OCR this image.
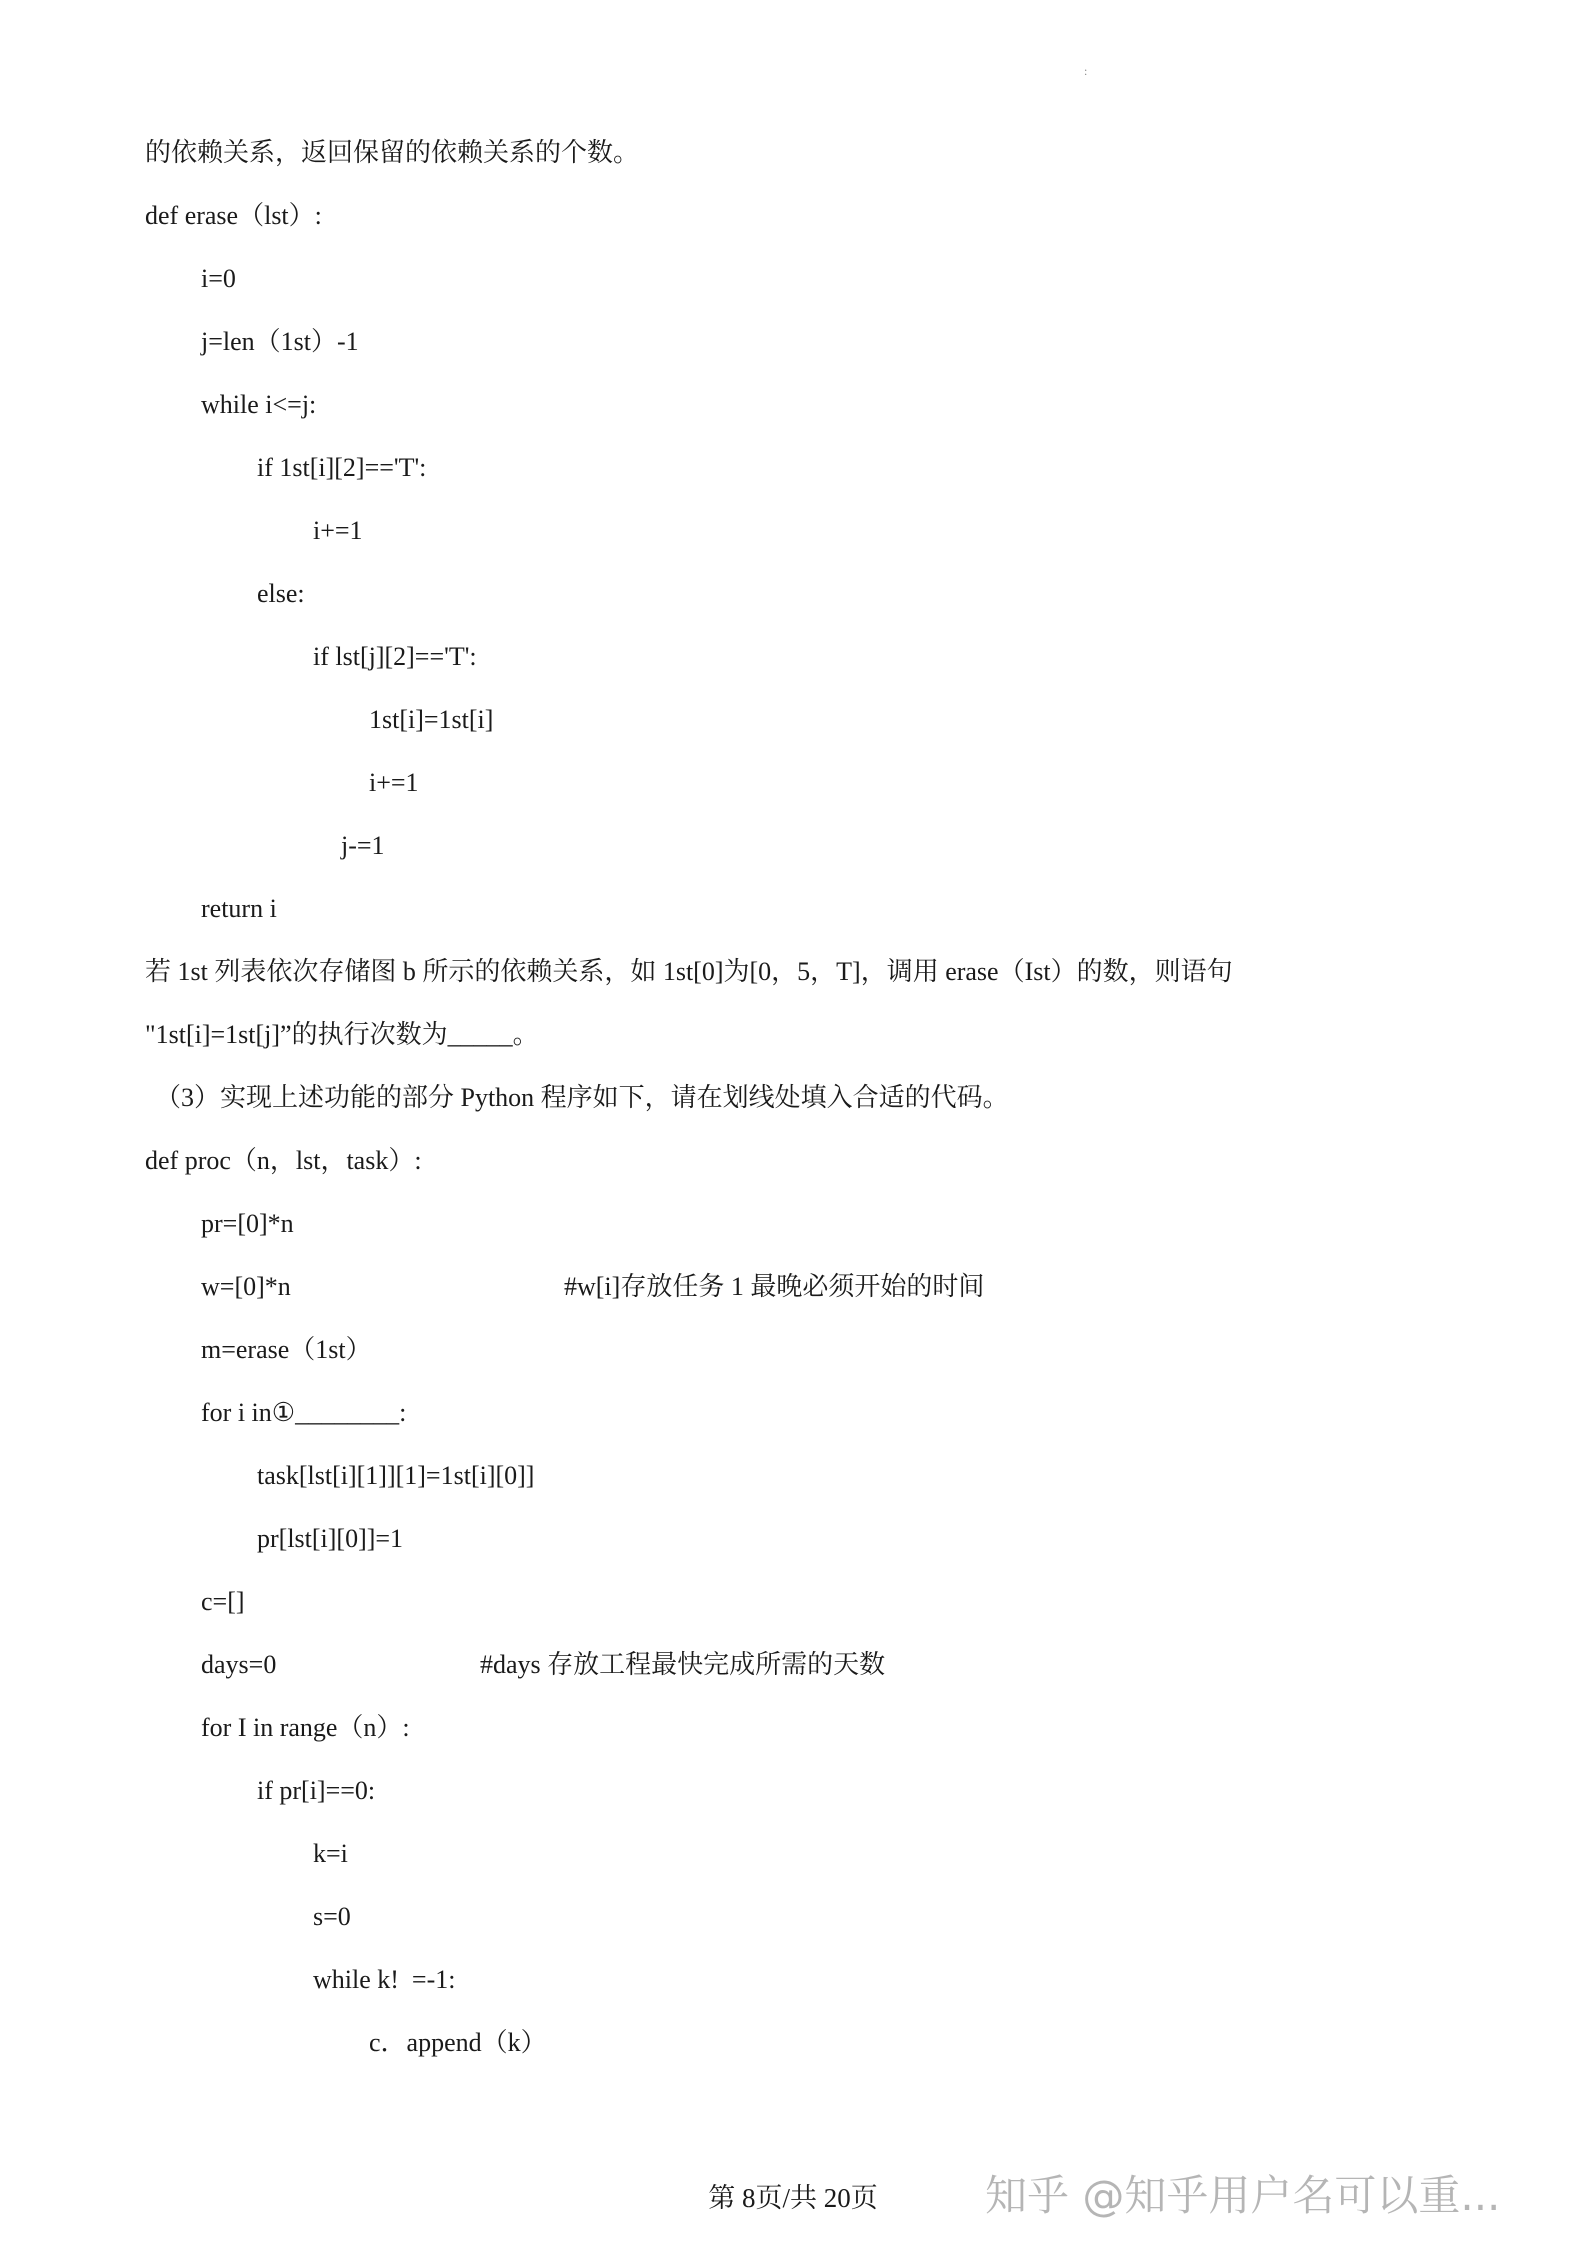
:
的依赖关系，返回保留的依赖关系的个数。
def erase（lst）:
i=0
j=len（1st）-1
while i<=j:
if 1st[i][2]=='T':
i+=1
else:
if lst[j][2]=='T':
1st[i]=1st[i]
i+=1
j-=1
return i
若 1st 列表依次存储图 b 所示的依赖关系，如 1st[0]为[0，5，T]，调用 erase（Ist）的数，则语句
"1st[i]=1st[j]”的执行次数为_____。
（3）实现上述功能的部分 Python 程序如下，请在划线处填入合适的代码。
def proc（n，lst，task）:
pr=[0]*n
w=[0]*n	#w[i]存放任务 1 最晚必须开始的时间
m=erase（1st）
for i in①________:
task[lst[i][1]][1]=1st[i][0]]
pr[lst[i][0]]=1
c=[]
days=0	#days 存放工程最快完成所需的天数
for I in range（n）:
if pr[i]==0:
k=i
s=0
while k!  =-1:
c．append（k）
第 8页/共 20页	知乎 @知乎用户名可以重...
